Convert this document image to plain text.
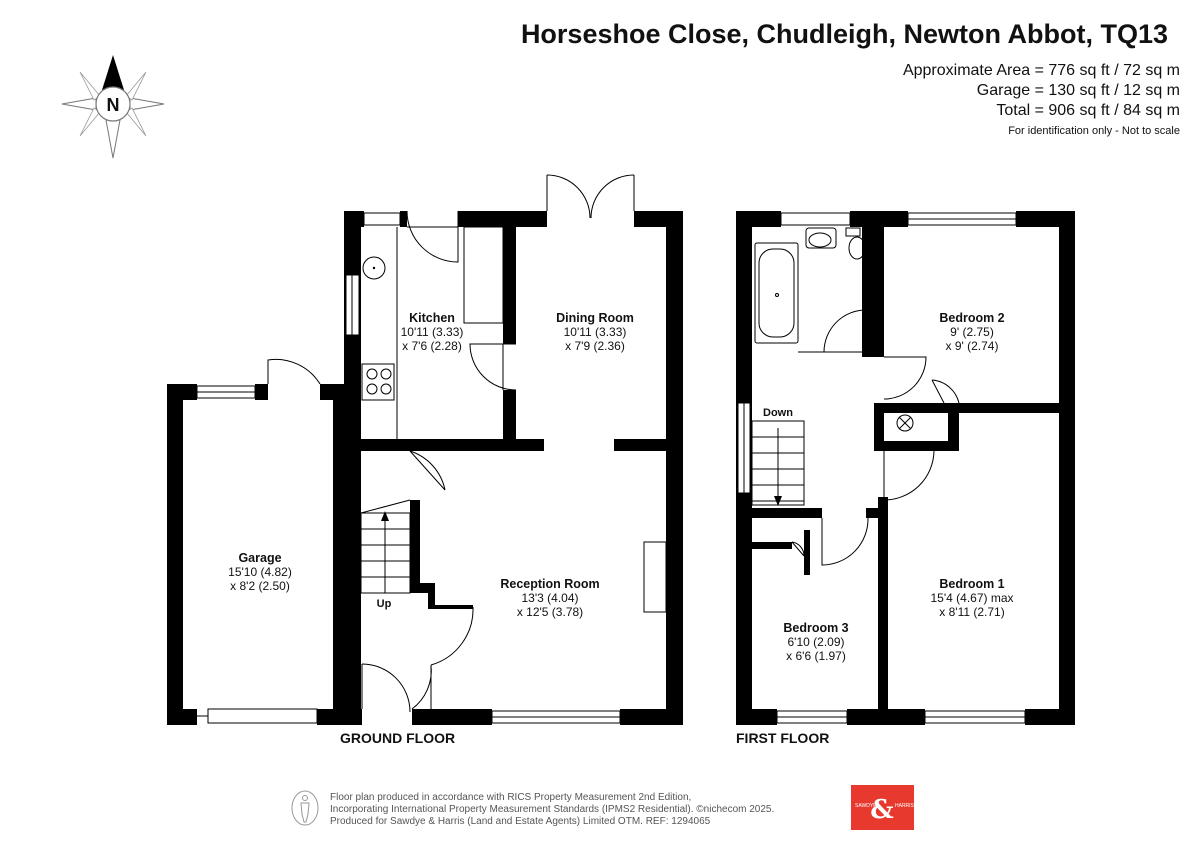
Horseshoe Close, Chudleigh, Newton Abbot, TQ13
Approximate Area = 776 sq ft / 72 sq m
Garage = 130 sq ft / 12 sq m
Total = 906 sq ft / 84 sq m
For identification only - Not to scale
N
Kitchen
10'11 (3.33)
x 7'6 (2.28)
Dining Room
10'11 (3.33)
x 7'9 (2.36)
Reception Room
13'3 (4.04)
x 12'5 (3.78)
Garage
15'10 (4.82)
x 8'2 (2.50)
Up
GROUND FLOOR
Bedroom 2
9' (2.75)
x 9' (2.74)
Bedroom 1
15'4 (4.67) max
x 8'11 (2.71)
Bedroom 3
6'10 (2.09)
x 6'6 (1.97)
Down
FIRST FLOOR
Floor plan produced in accordance with RICS Property Measurement 2nd Edition,
Incorporating International Property Measurement Standards (IPMS2 Residential). ©nichecom 2025.
Produced for Sawdye & Harris (Land and Estate Agents) Limited OTM. REF: 1294065
SAWDYE	HARRIS
&
